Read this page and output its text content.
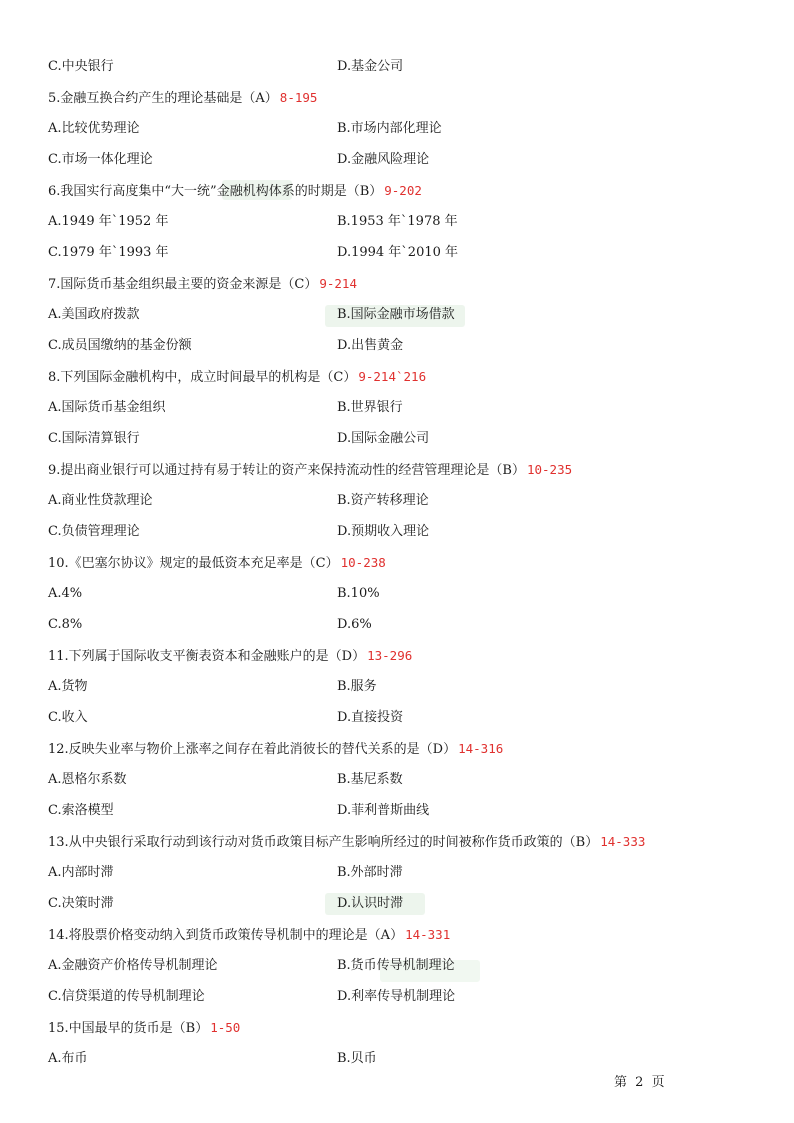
C.中央银行	D.基金公司
5.金融互换合约产生的理论基础是（A） 8-195
A.比较优势理论	B.市场内部化理论
C.市场一体化理论	D.金融风险理论
6.我国实行高度集中“大一统”金融机构体系的时期是（B） 9-202
A.1949 年`1952 年	B.1953 年`1978 年
C.1979 年`1993 年	D.1994 年`2010 年
7.国际货币基金组织最主要的资金来源是（C） 9-214
A.美国政府拨款	B.国际金融市场借款
C.成员国缴纳的基金份额	D.出售黄金
8.下列国际金融机构中，成立时间最早的机构是（C） 9-214`216
A.国际货币基金组织	B.世界银行
C.国际清算银行	D.国际金融公司
9.提出商业银行可以通过持有易于转让的资产来保持流动性的经营管理理论是（B） 10-235
A.商业性贷款理论	B.资产转移理论
C.负债管理理论	D.预期收入理论
10.《巴塞尔协议》规定的最低资本充足率是（C） 10-238
A.4%	B.10%
C.8%	D.6%
11.下列属于国际收支平衡表资本和金融账户的是（D） 13-296
A.货物	B.服务
C.收入	D.直接投资
12.反映失业率与物价上涨率之间存在着此消彼长的替代关系的是（D） 14-316
A.恩格尔系数	B.基尼系数
C.索洛模型	D.菲利普斯曲线
13.从中央银行采取行动到该行动对货币政策目标产生影响所经过的时间被称作货币政策的（B） 14-333
A.内部时滞	B.外部时滞
C.决策时滞	D.认识时滞
14.将股票价格变动纳入到货币政策传导机制中的理论是（A） 14-331
A.金融资产价格传导机制理论	B.货币传导机制理论
C.信贷渠道的传导机制理论	D.利率传导机制理论
15.中国最早的货币是（B） 1-50
A.布币	B.贝币
第 2 页
